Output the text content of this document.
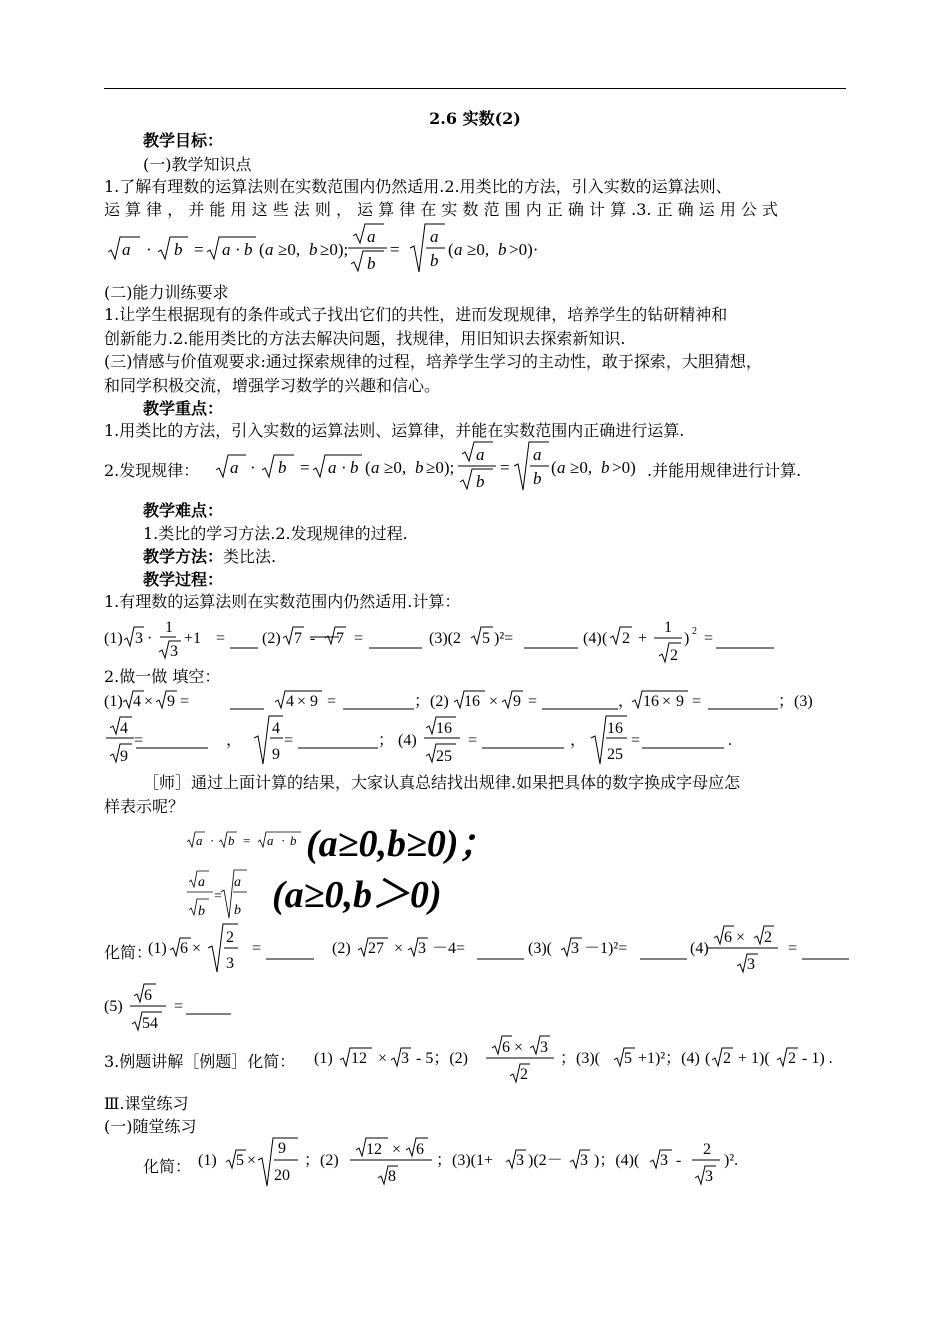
2.6 实数(2)
教学目标：
(一)教学知识点
1.了解有理数的运算法则在实数范围内仍然适用.2.用类比的方法，引入实数的运算法则、
运 算 律 ， 并 能 用 这 些 法 则 ， 运 算 律 在 实 数 范 围 内 正 确 计 算 .3. 正 确 运 用 公 式
a · b = a · b ( a ≥0, b ≥0);
a
b
=
a
b
( a ≥0, b >0)·
(二)能力训练要求
1.让学生根据现有的条件或式子找出它们的共性，进而发现规律，培养学生的钻研精神和
创新能力.2.能用类比的方法去解决问题，找规律，用旧知识去探索新知识.
(三)情感与价值观要求:通过探索规律的过程，培养学生学习的主动性，敢于探索，大胆猜想，
和同学积极交流，增强学习数学的兴趣和信心。
教学重点：
1.用类比的方法，引入实数的运算法则、运算律，并能在实数范围内正确进行运算.
2.发现规律： a · b = a · b ( a ≥0, b ≥0);
a
b
=
a
b
( a ≥0, b >0) .并能用规律进行计算.
教学难点：
1.类比的学习方法.2.发现规律的过程.
教学方法：类比法.
教学过程：
1.有理数的运算法则在实数范围内仍然适用.计算：
(1) 3 ·
1
3
+1 = (2) 7 - 7 =	(3)(2 5 )²=	(4) ( 2 +
1
2
) 2 =
2.做一做 填空：
(1) 4 × 9 =	4 × 9 =	；(2) 16 × 9 =	， 16 × 9 =	；(3)
4
9
=	，
4
9
=	； (4)
16
25
=	，
16
25
=	.
［师］通过上面计算的结果，大家认真总结找出规律.如果把具体的数字换成字母应怎
样表示呢？
a · b = a · b (a≥0,b≥0)；
a
b
=
a
b (a≥0,b＞0)
化简：
(1) 6 ×
2
3
=	(2) 27 × 3 －4=	(3)( 3 －1)²=	(4)
6 × 2
3
=
(5)
6
54
=
3.例题讲解［例题］化简： (1) 12 × 3 - 5；(2)
6 × 3
2
；(3)( 5 +1)²；(4) ( 2 + 1)( 2 - 1) .
Ⅲ.课堂练习
(一)随堂练习
化简： (1) 5 ×
9
20
；(2)
12 × 6
8
；(3)(1+ 3 )(2－ 3 )；(4)( 3 -
2
3
)².
